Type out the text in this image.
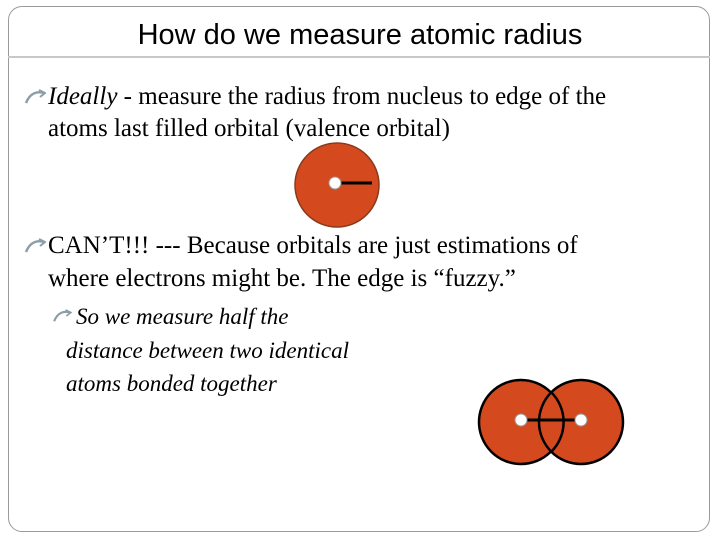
How do we measure atomic radius
Ideally - measure the radius from nucleus to edge of the
atoms last filled orbital (valence orbital)
CAN’T!!! --- Because orbitals are just estimations of
where electrons might be. The edge is “fuzzy.”
So we measure half the
distance between two identical
atoms bonded together
